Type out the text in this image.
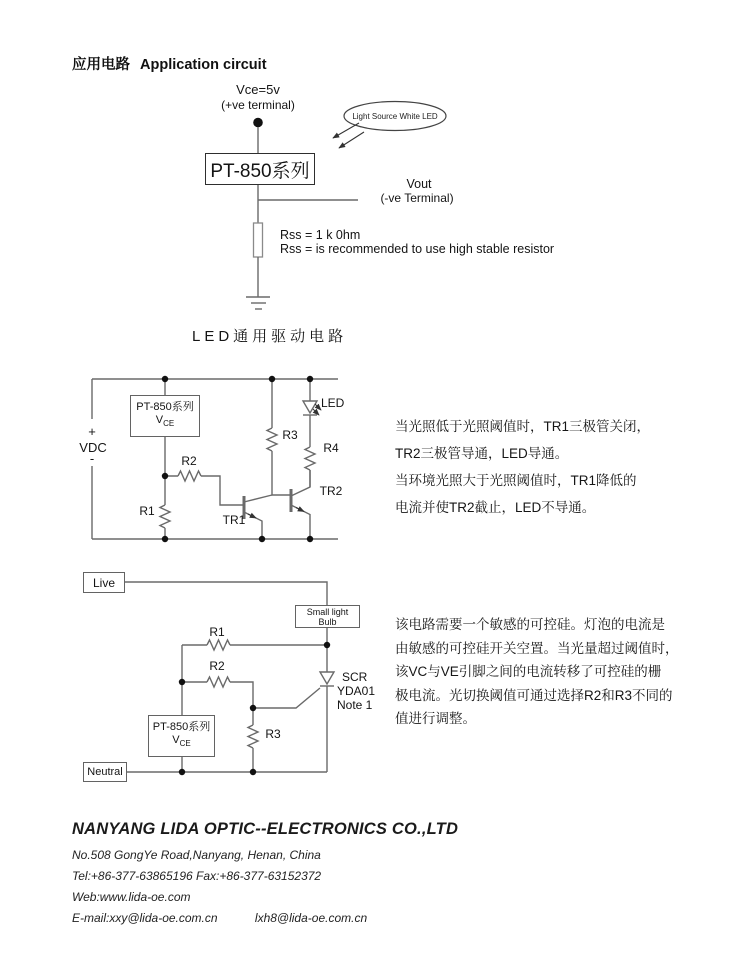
应用电路 Application circuit
Vce=5v
(+ve terminal)
Light Source White LED
PT-850系列
Vout
(-ve Terminal)
Rss = 1 k 0hm
Rss = is recommended to use high stable resistor
LED通用驱动电路
+
VDC
-
PT-850系列
$V_{CE}$
R1
R2
R3
R4
TR1
TR2
LED
当光照低于光照阈值时，TR1三极管关闭，
TR2三极管导通，LED导通。
当环境光照大于光照阈值时，TR1降低的
电流并使TR2截止，LED不导通。
Live
Small light
Bulb
R1
R2
R3
SCR
YDA01
Note 1
PT-850系列
$V_{CE}$
Neutral
该电路需要一个敏感的可控硅。灯泡的电流是
由敏感的可控硅开关空置。当光量超过阈值时，
该VC与VE引脚之间的电流转移了可控硅的栅
极电流。光切换阈值可通过选择R2和R3不同的
值进行调整。
NANYANG LIDA OPTIC--ELECTRONICS CO.,LTD
No.508 GongYe Road,Nanyang, Henan, China
Tel:+86-377-63865196 Fax:+86-377-63152372
Web:www.lida-oe.com
E-mail:xxy@lida-oe.com.cn	lxh8@lida-oe.com.cn
